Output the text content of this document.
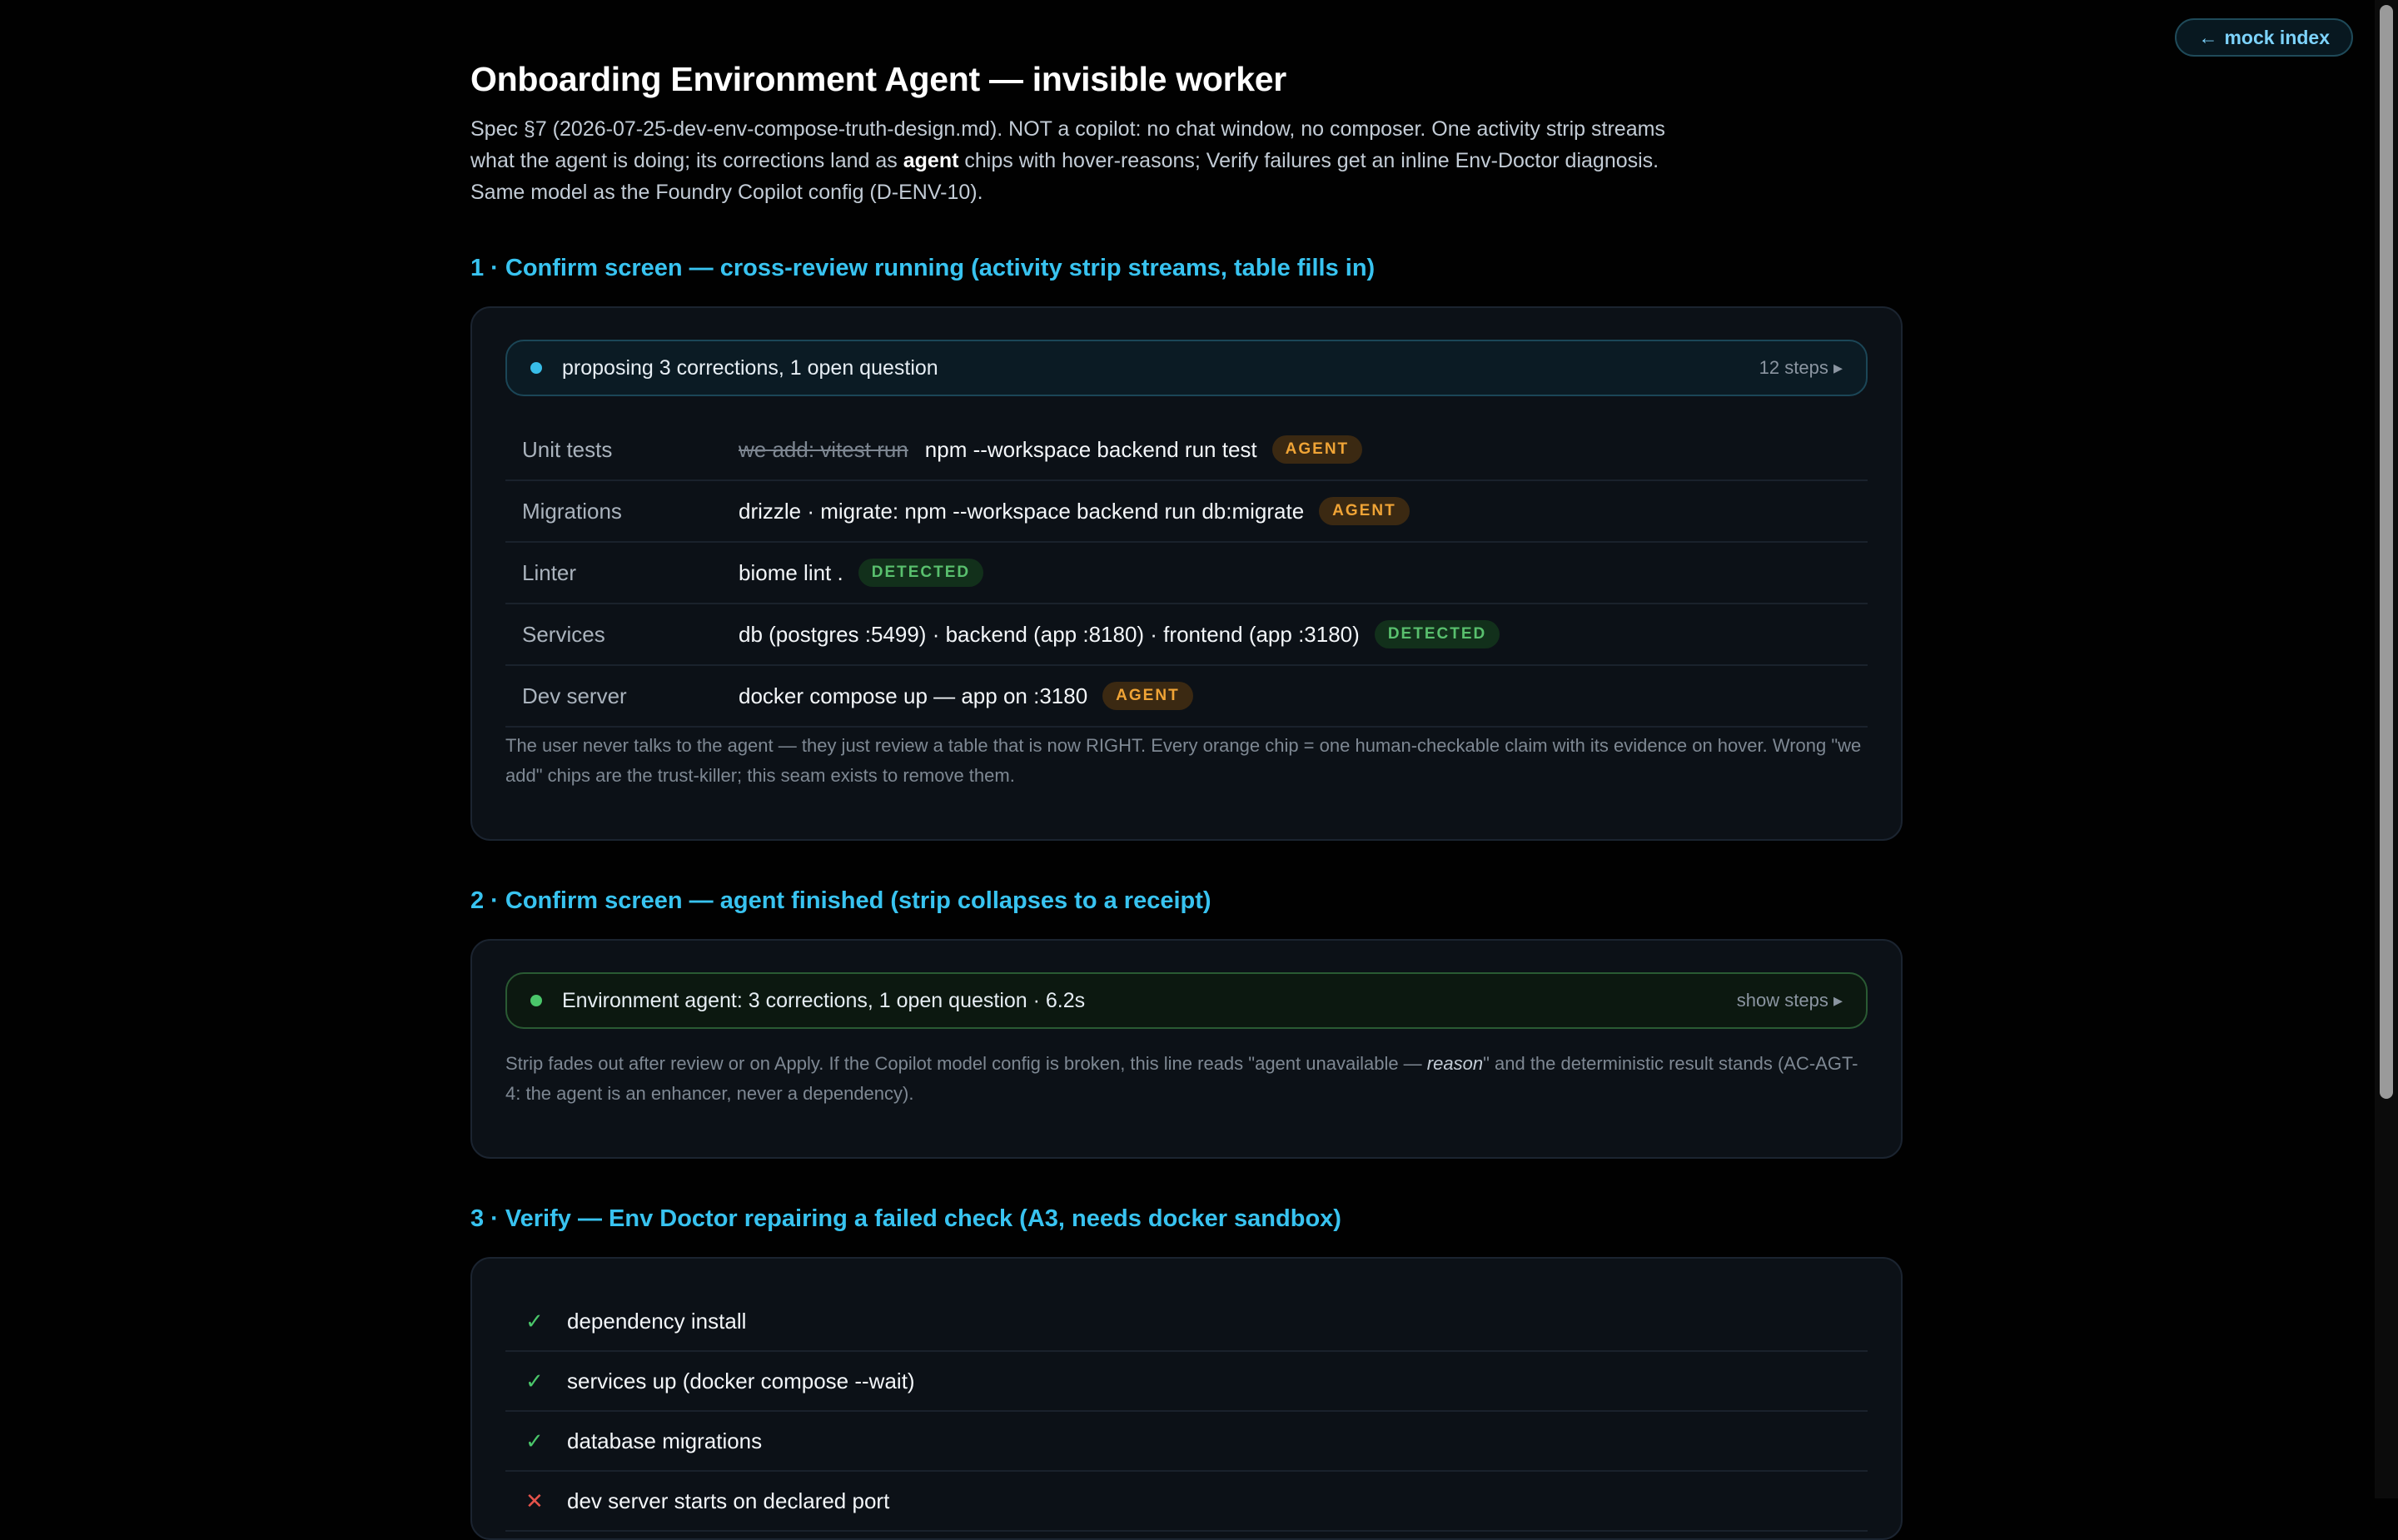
← mock index
Onboarding Environment Agent — invisible worker
Spec §7 (2026-07-25-dev-env-compose-truth-design.md). NOT a copilot: no chat window, no composer. One activity strip streams what the agent is doing; its corrections land as agent chips with hover-reasons; Verify failures get an inline Env-Doctor diagnosis. Same model as the Foundry Copilot config (D-ENV-10).
1 · Confirm screen — cross-review running (activity strip streams, table fills in)
proposing 3 corrections, 1 open question	12 steps ▸
Unit tests	we add: vitest run npm --workspace backend run test	AGENT
Migrations	drizzle · migrate: npm --workspace backend run db:migrate	AGENT
Linter	biome lint .	DETECTED
Services	db (postgres :5499) · backend (app :8180) · frontend (app :3180)	DETECTED
Dev server	docker compose up — app on :3180	AGENT
The user never talks to the agent — they just review a table that is now RIGHT. Every orange chip = one human-checkable claim with its evidence on hover. Wrong "we add" chips are the trust-killer; this seam exists to remove them.
2 · Confirm screen — agent finished (strip collapses to a receipt)
Environment agent: 3 corrections, 1 open question · 6.2s	show steps ▸
Strip fades out after review or on Apply. If the Copilot model config is broken, this line reads "agent unavailable — reason" and the deterministic result stands (AC-AGT-4: the agent is an enhancer, never a dependency).
3 · Verify — Env Doctor repairing a failed check (A3, needs docker sandbox)
✓	dependency install
✓	services up (docker compose --wait)
✓	database migrations
✕	dev server starts on declared port
